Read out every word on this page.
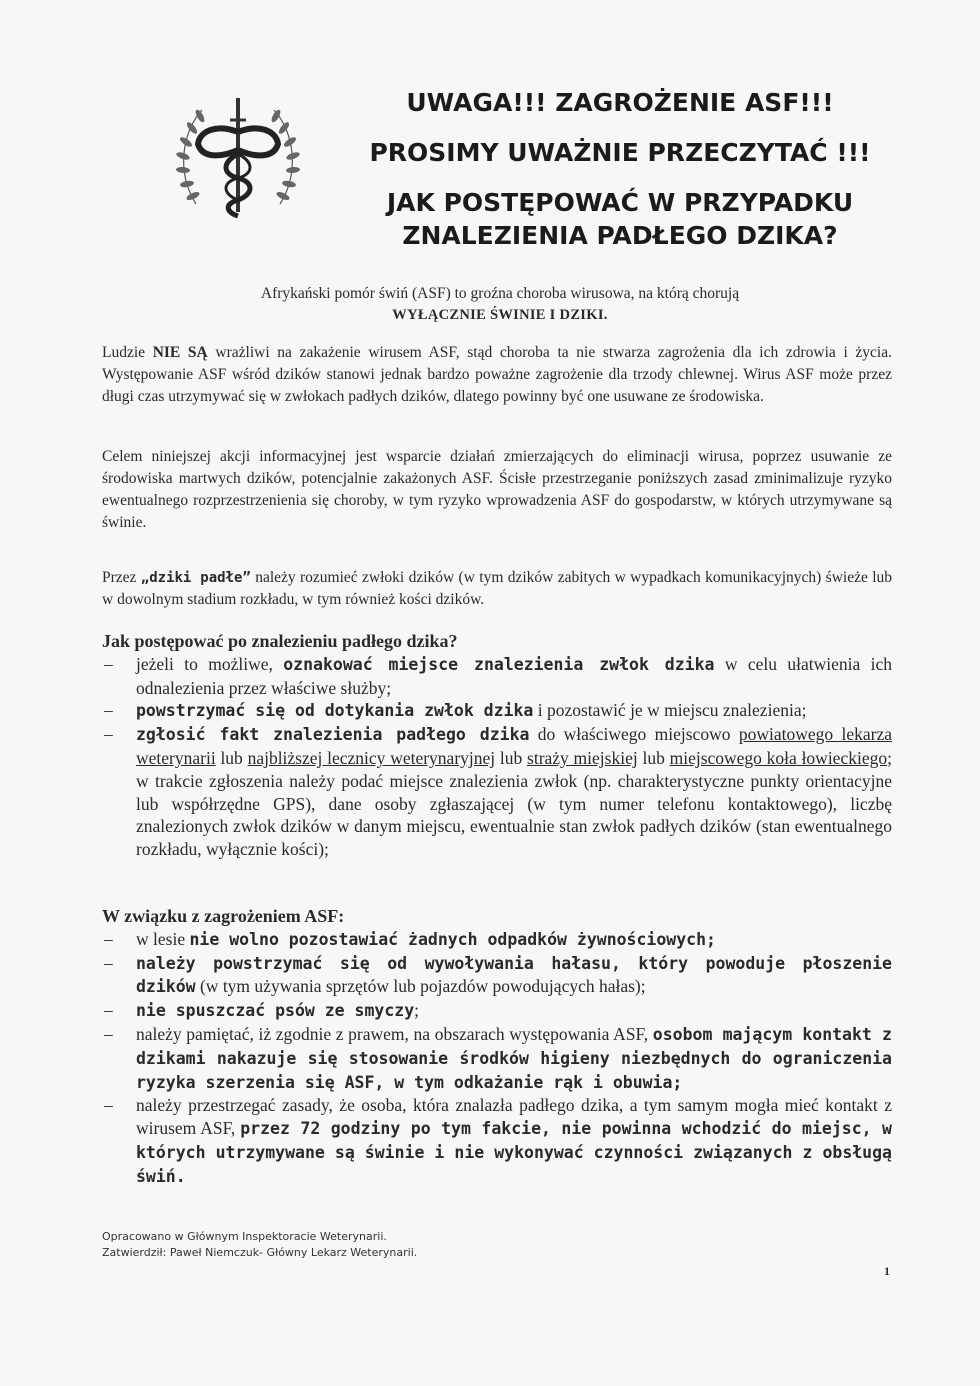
UWAGA!!! ZAGROŻENIE ASF!!!
PROSIMY UWAŻNIE PRZECZYTAĆ !!!
JAK POSTĘPOWAĆ W PRZYPADKU
ZNALEZIENIA PADŁEGO DZIKA?
Afrykański pomór świń (ASF) to groźna choroba wirusowa, na którą chorują
WYŁĄCZNIE ŚWINIE I DZIKI.
Ludzie NIE SĄ wrażliwi na zakażenie wirusem ASF, stąd choroba ta nie stwarza zagrożenia dla ich zdrowia i życia. Występowanie ASF wśród dzików stanowi jednak bardzo poważne zagrożenie dla trzody chlewnej. Wirus ASF może przez długi czas utrzymywać się w zwłokach padłych dzików, dlatego powinny być one usuwane ze środowiska.
Celem niniejszej akcji informacyjnej jest wsparcie działań zmierzających do eliminacji wirusa, poprzez usuwanie ze środowiska martwych dzików, potencjalnie zakażonych ASF. Ścisłe przestrzeganie poniższych zasad zminimalizuje ryzyko ewentualnego rozprzestrzenienia się choroby, w tym ryzyko wprowadzenia ASF do gospodarstw, w których utrzymywane są świnie.
Przez „dziki padłe” należy rozumieć zwłoki dzików (w tym dzików zabitych w wypadkach komunikacyjnych) świeże lub w dowolnym stadium rozkładu, w tym również kości dzików.
Jak postępować po znalezieniu padłego dzika?
– jeżeli to możliwe, oznakować miejsce znalezienia zwłok dzika w celu ułatwienia ich odnalezienia przez właściwe służby;
– powstrzymać się od dotykania zwłok dzika i pozostawić je w miejscu znalezienia;
– zgłosić fakt znalezienia padłego dzika do właściwego miejscowo powiatowego lekarza weterynarii lub najbliższej lecznicy weterynaryjnej lub straży miejskiej lub miejscowego koła łowieckiego; w trakcie zgłoszenia należy podać miejsce znalezienia zwłok (np. charakterystyczne punkty orientacyjne lub współrzędne GPS), dane osoby zgłaszającej (w tym numer telefonu kontaktowego), liczbę znalezionych zwłok dzików w danym miejscu, ewentualnie stan zwłok padłych dzików (stan ewentualnego rozkładu, wyłącznie kości);
W związku z zagrożeniem ASF:
– w lesie nie wolno pozostawiać żadnych odpadków żywnościowych;
– należy powstrzymać się od wywoływania hałasu, który powoduje płoszenie dzików (w tym używania sprzętów lub pojazdów powodujących hałas);
– nie spuszczać psów ze smyczy;
– należy pamiętać, iż zgodnie z prawem, na obszarach występowania ASF, osobom mającym kontakt z dzikami nakazuje się stosowanie środków higieny niezbędnych do ograniczenia ryzyka szerzenia się ASF, w tym odkażanie rąk i obuwia;
– należy przestrzegać zasady, że osoba, która znalazła padłego dzika, a tym samym mogła mieć kontakt z wirusem ASF, przez 72 godziny po tym fakcie, nie powinna wchodzić do miejsc, w których utrzymywane są świnie i nie wykonywać czynności związanych z obsługą świń.
Opracowano w Głównym Inspektoracie Weterynarii.
Zatwierdził: Paweł Niemczuk- Główny Lekarz Weterynarii.
1
